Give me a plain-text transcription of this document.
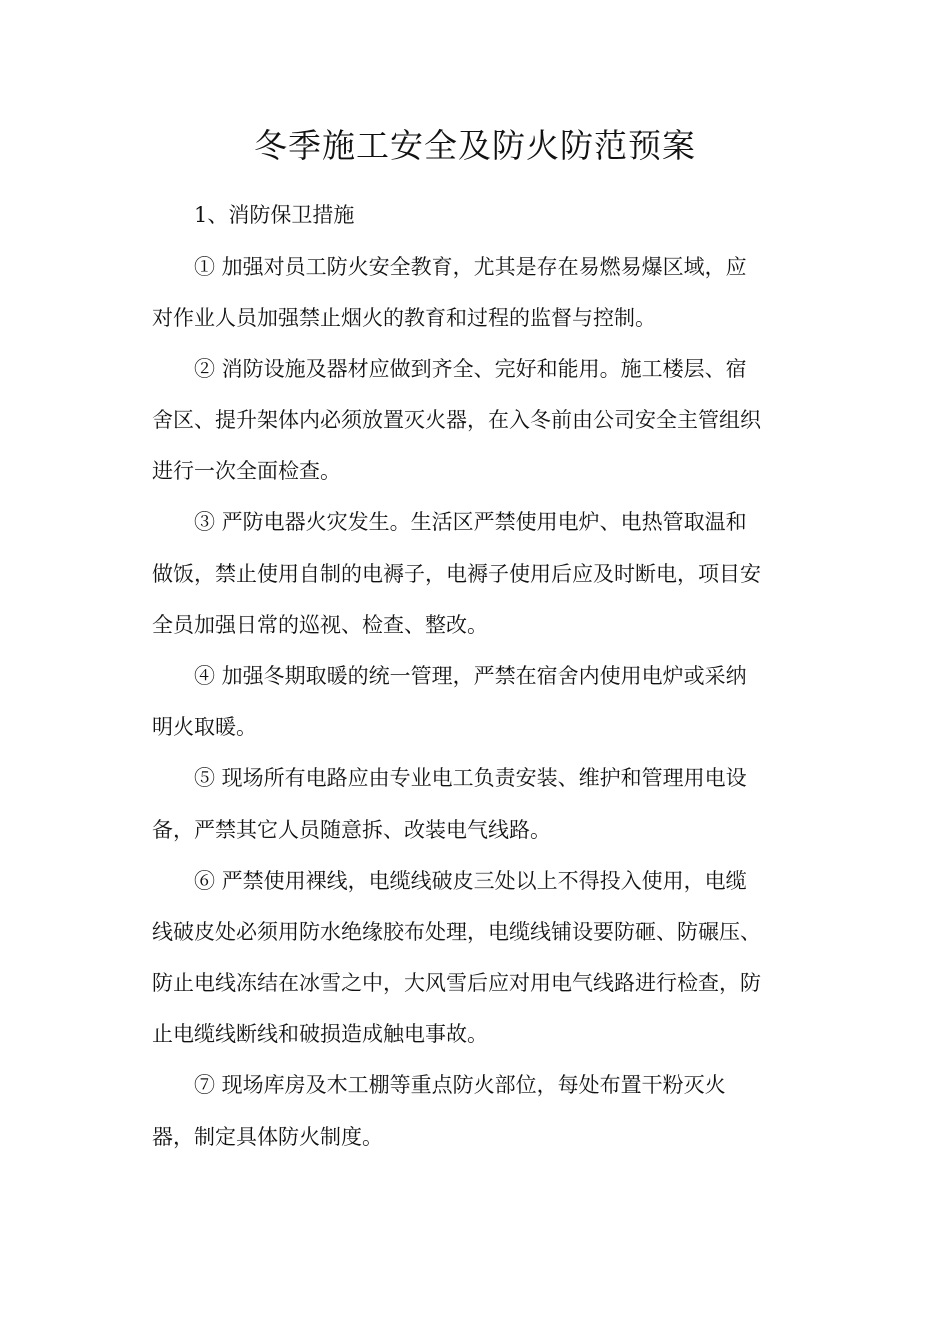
冬季施工安全及防火防范预案
1、消防保卫措施
① 加强对员工防火安全教育，尤其是存在易燃易爆区域，应
对作业人员加强禁止烟火的教育和过程的监督与控制。
② 消防设施及器材应做到齐全、完好和能用。施工楼层、宿
舍区、提升架体内必须放置灭火器，在入冬前由公司安全主管组织
进行一次全面检查。
③ 严防电器火灾发生。生活区严禁使用电炉、电热管取温和
做饭，禁止使用自制的电褥子，电褥子使用后应及时断电，项目安
全员加强日常的巡视、检查、整改。
④ 加强冬期取暖的统一管理，严禁在宿舍内使用电炉或采纳
明火取暖。
⑤ 现场所有电路应由专业电工负责安装、维护和管理用电设
备，严禁其它人员随意拆、改装电气线路。
⑥ 严禁使用裸线，电缆线破皮三处以上不得投入使用，电缆
线破皮处必须用防水绝缘胶布处理，电缆线铺设要防砸、防碾压、
防止电线冻结在冰雪之中，大风雪后应对用电气线路进行检查，防
止电缆线断线和破损造成触电事故。
⑦ 现场库房及木工棚等重点防火部位，每处布置干粉灭火
器，制定具体防火制度。
